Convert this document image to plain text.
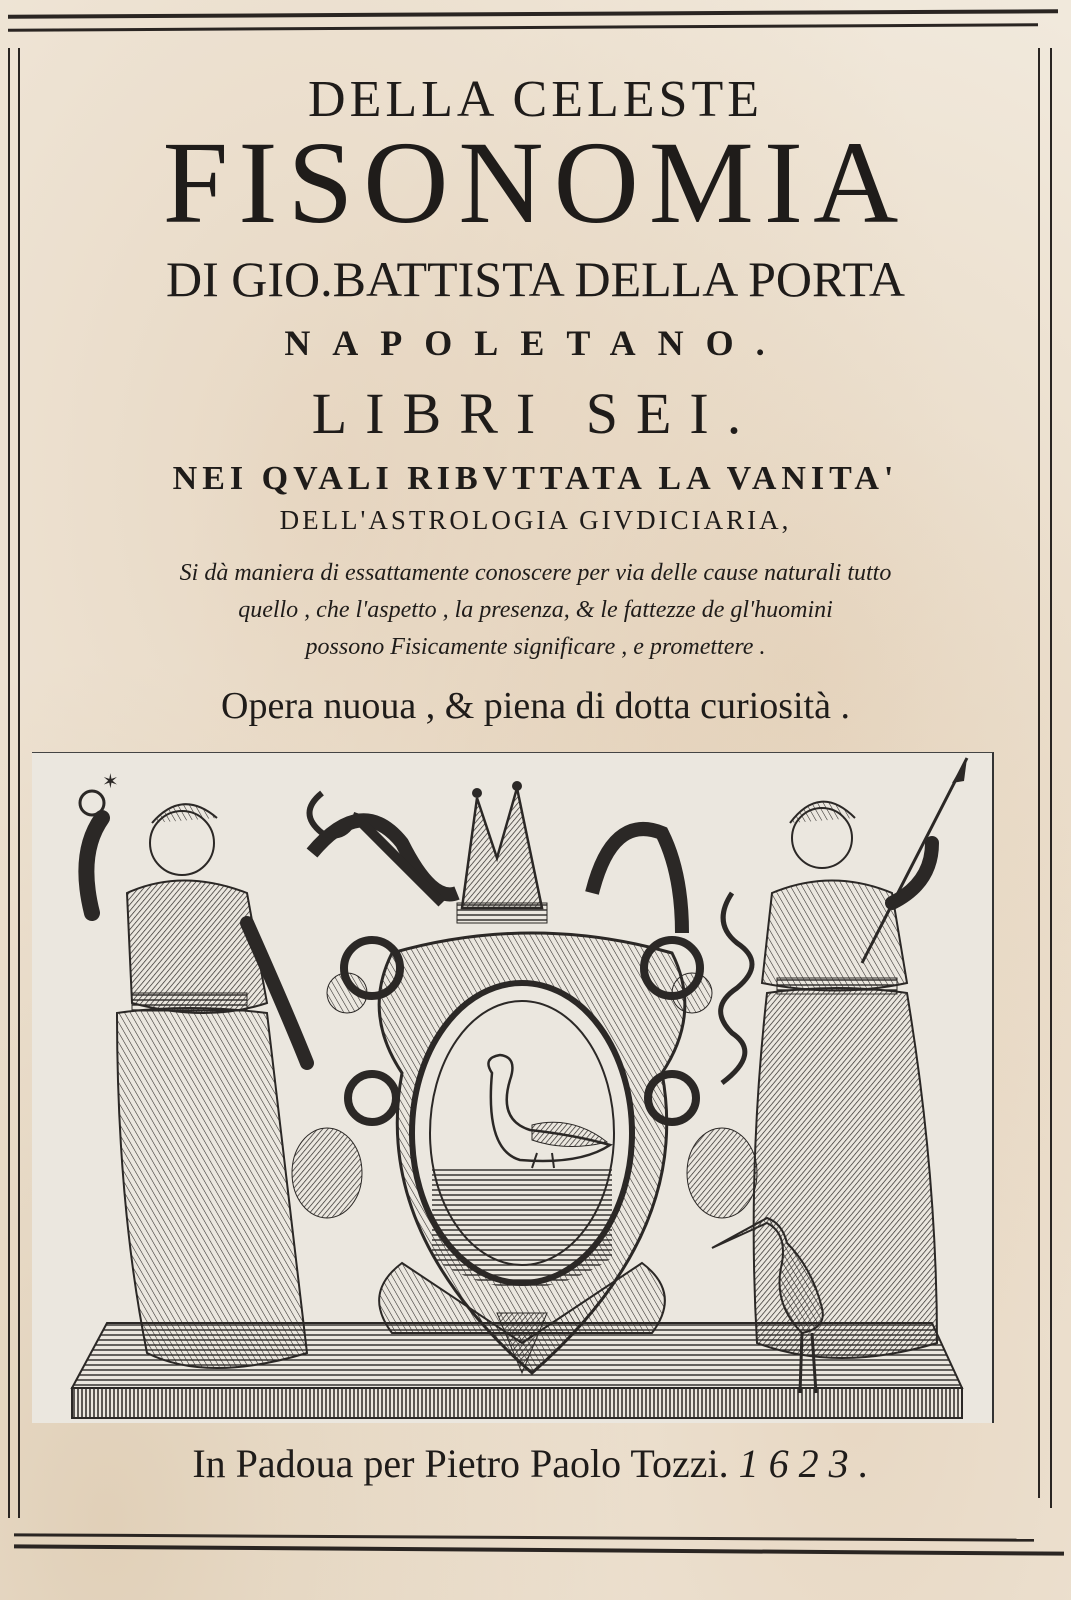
DELLA CELESTE
FISONOMIA
DI GIO.BATTISTA DELLA PORTA
NAPOLETANO.
LIBRI SEI.
NEI QVALI RIBVTTATA LA VANITA'
DELL'ASTROLOGIA GIVDICIARIA,
Si dà maniera di essattamente conoscere per via delle cause naturali tutto
quello , che l'aspetto , la presenza, & le fattezze de gl'huomini
possono Fisicamente significare , e promettere .
Opera nuoua , & piena di dotta curiosità .
✶
In Padoua per Pietro Paolo Tozzi. 1623.
